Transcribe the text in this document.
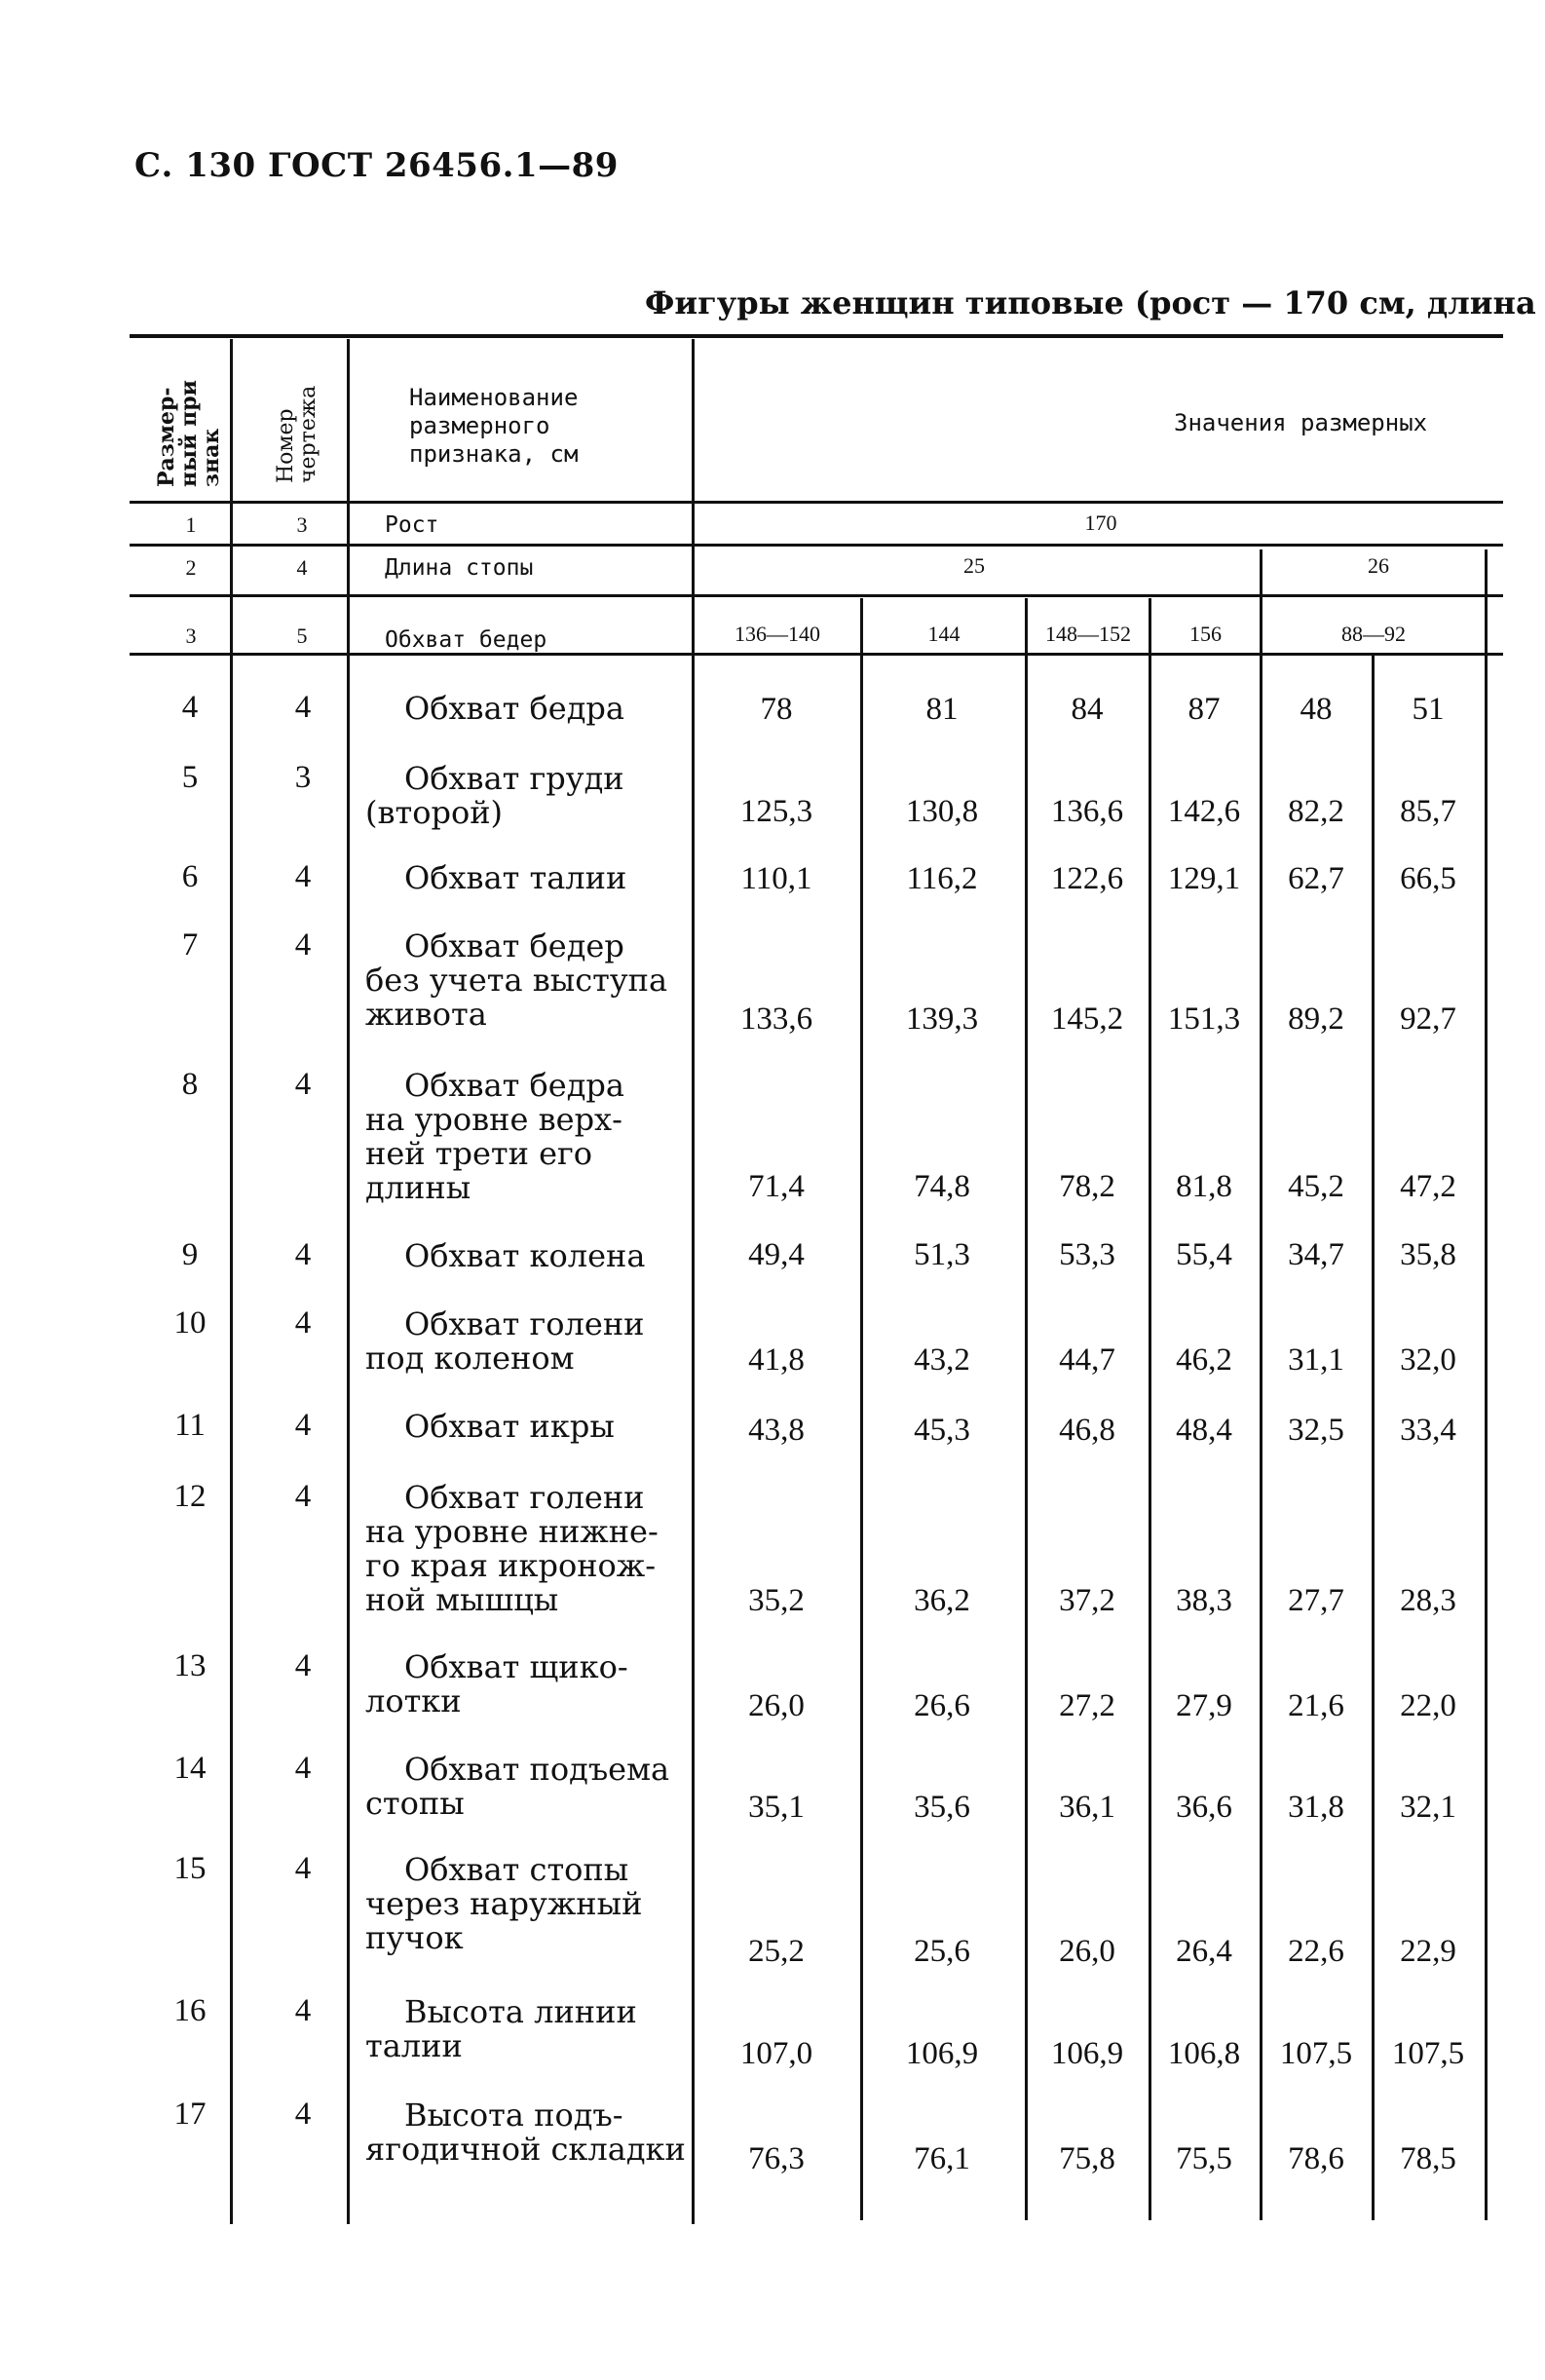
С. 130 ГОСТ 26456.1—89
Фигуры женщин типовые (рост — 170 см, длина
Размер-
ный при
знак Номер
чертежа	Наименование
размерного
признака, см
Значения размерных
1	3	Рост	170
2	4	Длина стопы	25	26
3	5	Обхват бедер	136—140	144	148—152	156	88—92
4	4	Обхват бедра	78	81	84	87	48	51
5	3	Обхват груди
(второй)	125,3	130,8	136,6	142,6	82,2	85,7
6	4	Обхват талии	110,1	116,2	122,6	129,1	62,7	66,5
7	4	Обхват бедер
без учета выступа
живота	133,6	139,3	145,2	151,3	89,2	92,7
8	4	Обхват бедра
на уровне верх-
ней трети его
длины	71,4	74,8	78,2	81,8	45,2	47,2
9	4	Обхват колена	49,4	51,3	53,3	55,4	34,7	35,8
10	4	Обхват голени
под коленом	41,8	43,2	44,7	46,2	31,1	32,0
11	4	Обхват икры	43,8	45,3	46,8	48,4	32,5	33,4
12	4	Обхват голени
на уровне нижне-
го края икронож-
ной мышцы	35,2	36,2	37,2	38,3	27,7	28,3
13	4	Обхват щико-
лотки	26,0	26,6	27,2	27,9	21,6	22,0
14	4	Обхват подъема
стопы	35,1	35,6	36,1	36,6	31,8	32,1
15	4	Обхват стопы
через наружный
пучок	25,2	25,6	26,0	26,4	22,6	22,9
16	4	Высота линии
талии	107,0	106,9	106,9	106,8	107,5	107,5
17	4	Высота подъ-
ягодичной складки	76,3	76,1	75,8	75,5	78,6	78,5
